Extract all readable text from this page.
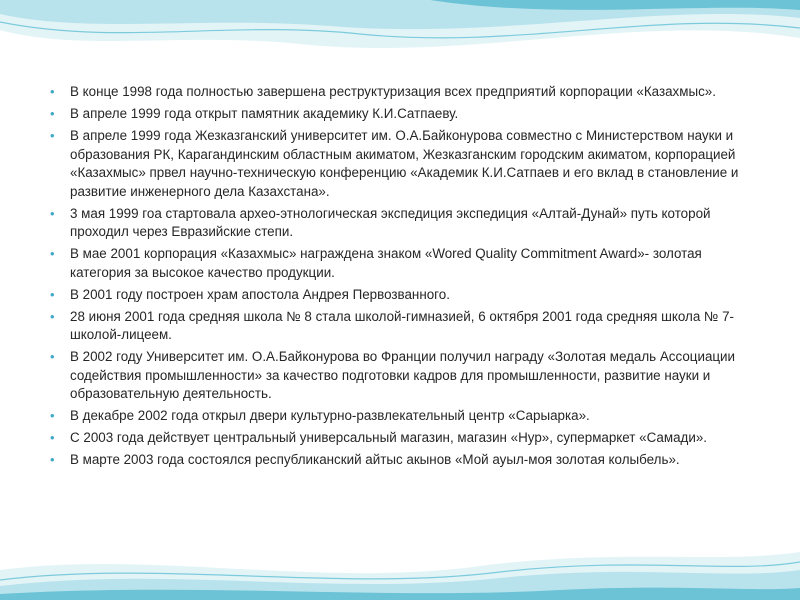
• В конце 1998 года полностью завершена реструктуризация всех предприятий корпорации «Казахмыс».
• В апреле 1999 года открыт памятник академику К.И.Сатпаеву.
• В апреле 1999 года Жезказганский университет им. О.А.Байконурова совместно с Министерством науки и образования РК, Карагандинским областным акиматом, Жезказганским городским акиматом, корпорацией «Казахмыс» првел научно-техническую конференцию «Академик К.И.Сатпаев и его вклад в становление и развитие инженерного дела Казахстана».
• 3 мая 1999 гоа стартовала архео-этнологическая экспедиция экспедиция «Алтай-Дунай» путь которой проходил через Евразийские степи.
• В мае 2001 корпорация «Казахмыс» награждена знаком «Wored Quality Commitment Award»- золотая категория за высокое качество продукции.
• В 2001 году построен храм апостола Андрея Первозванного.
• 28 июня 2001 года средняя школа № 8 стала школой-гимназией, 6 октября 2001 года средняя школа № 7-школой-лицеем.
• В 2002 году Университет им. О.А.Байконурова во Франции получил награду «Золотая медаль Ассоциации содействия промышленности» за качество подготовки кадров для промышленности, развитие науки и образовательную деятельность.
• В декабре 2002 года открыл двери культурно-развлекательный центр «Сарыарка».
• С 2003 года действует центральный универсальный магазин, магазин «Нур», супермаркет «Самади».
• В марте 2003 года состоялся республиканский айтыс акынов «Мой ауыл-моя золотая колыбель».
